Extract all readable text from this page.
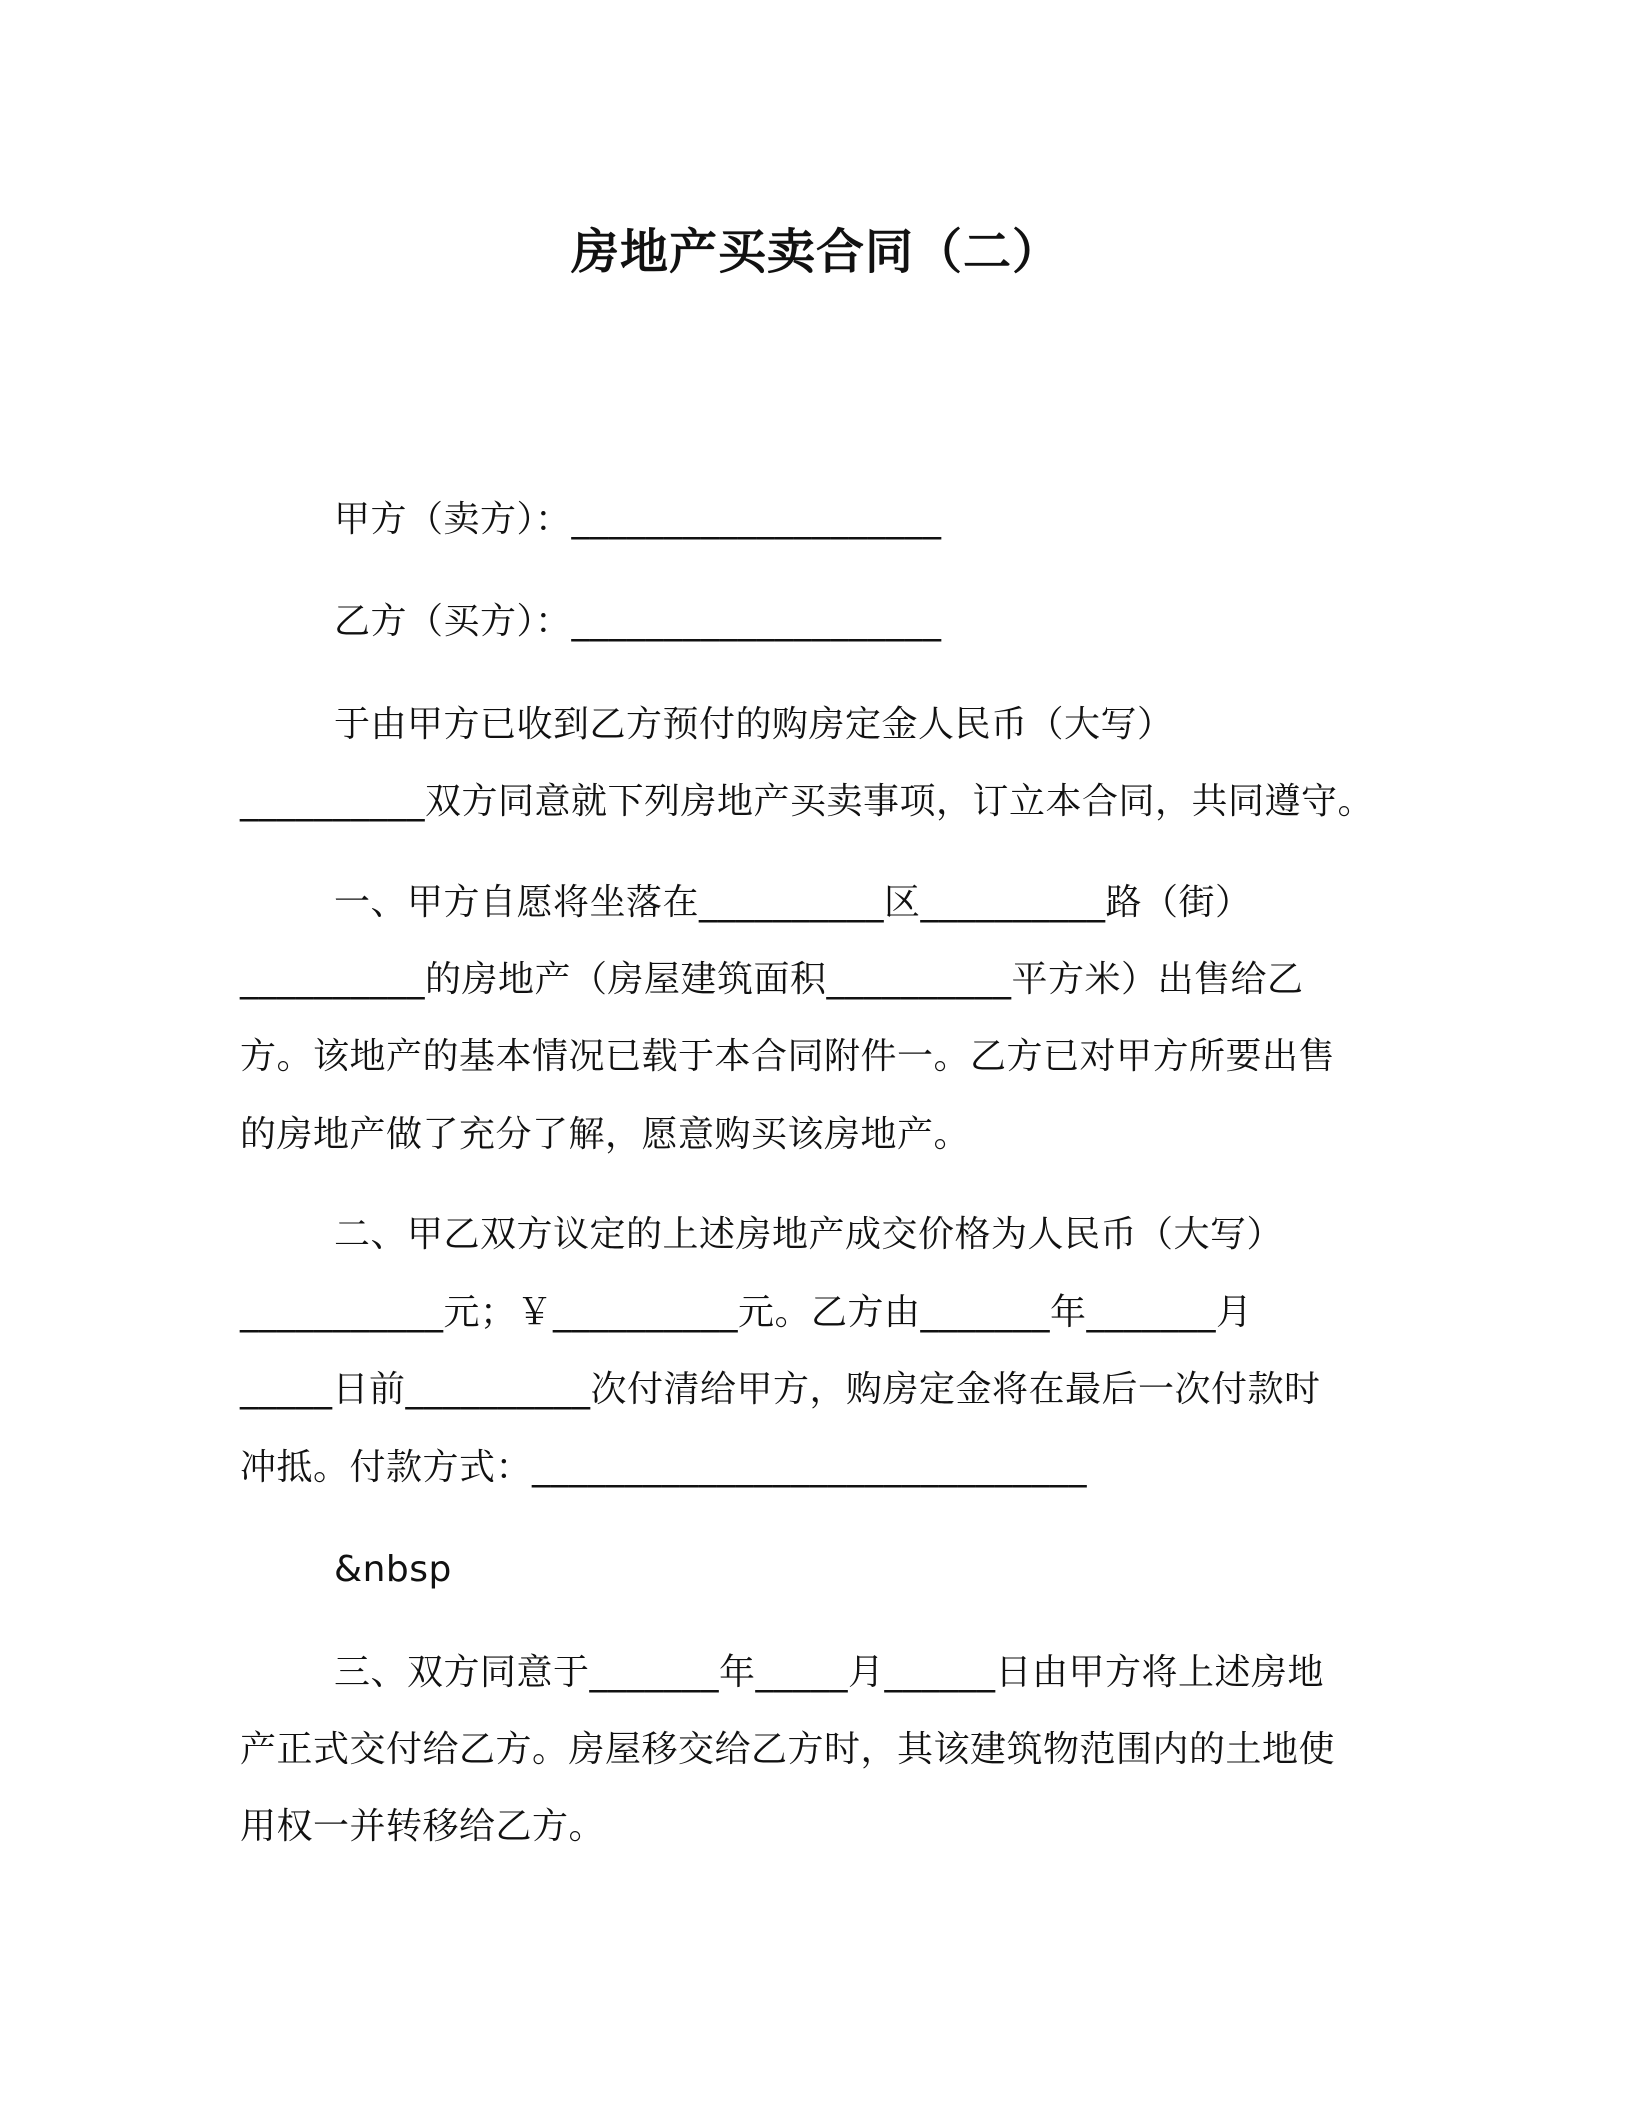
房地产买卖合同（二）
甲方（卖方）：____________________
乙方（买方）：____________________
于由甲方已收到乙方预付的购房定金人民币（大写）
__________双方同意就下列房地产买卖事项，订立本合同，共同遵守。
一、甲方自愿将坐落在__________区__________路（街）
__________的房地产（房屋建筑面积__________平方米）出售给乙
方。该地产的基本情况已载于本合同附件一。乙方已对甲方所要出售
的房地产做了充分了解，愿意购买该房地产。
二、甲乙双方议定的上述房地产成交价格为人民币（大写）
___________元；￥__________元。乙方由_______年_______月
_____日前__________次付清给甲方，购房定金将在最后一次付款时
冲抵。付款方式：______________________________
&nbsp
三、双方同意于_______年_____月______日由甲方将上述房地
产正式交付给乙方。房屋移交给乙方时，其该建筑物范围内的土地使
用权一并转移给乙方。
